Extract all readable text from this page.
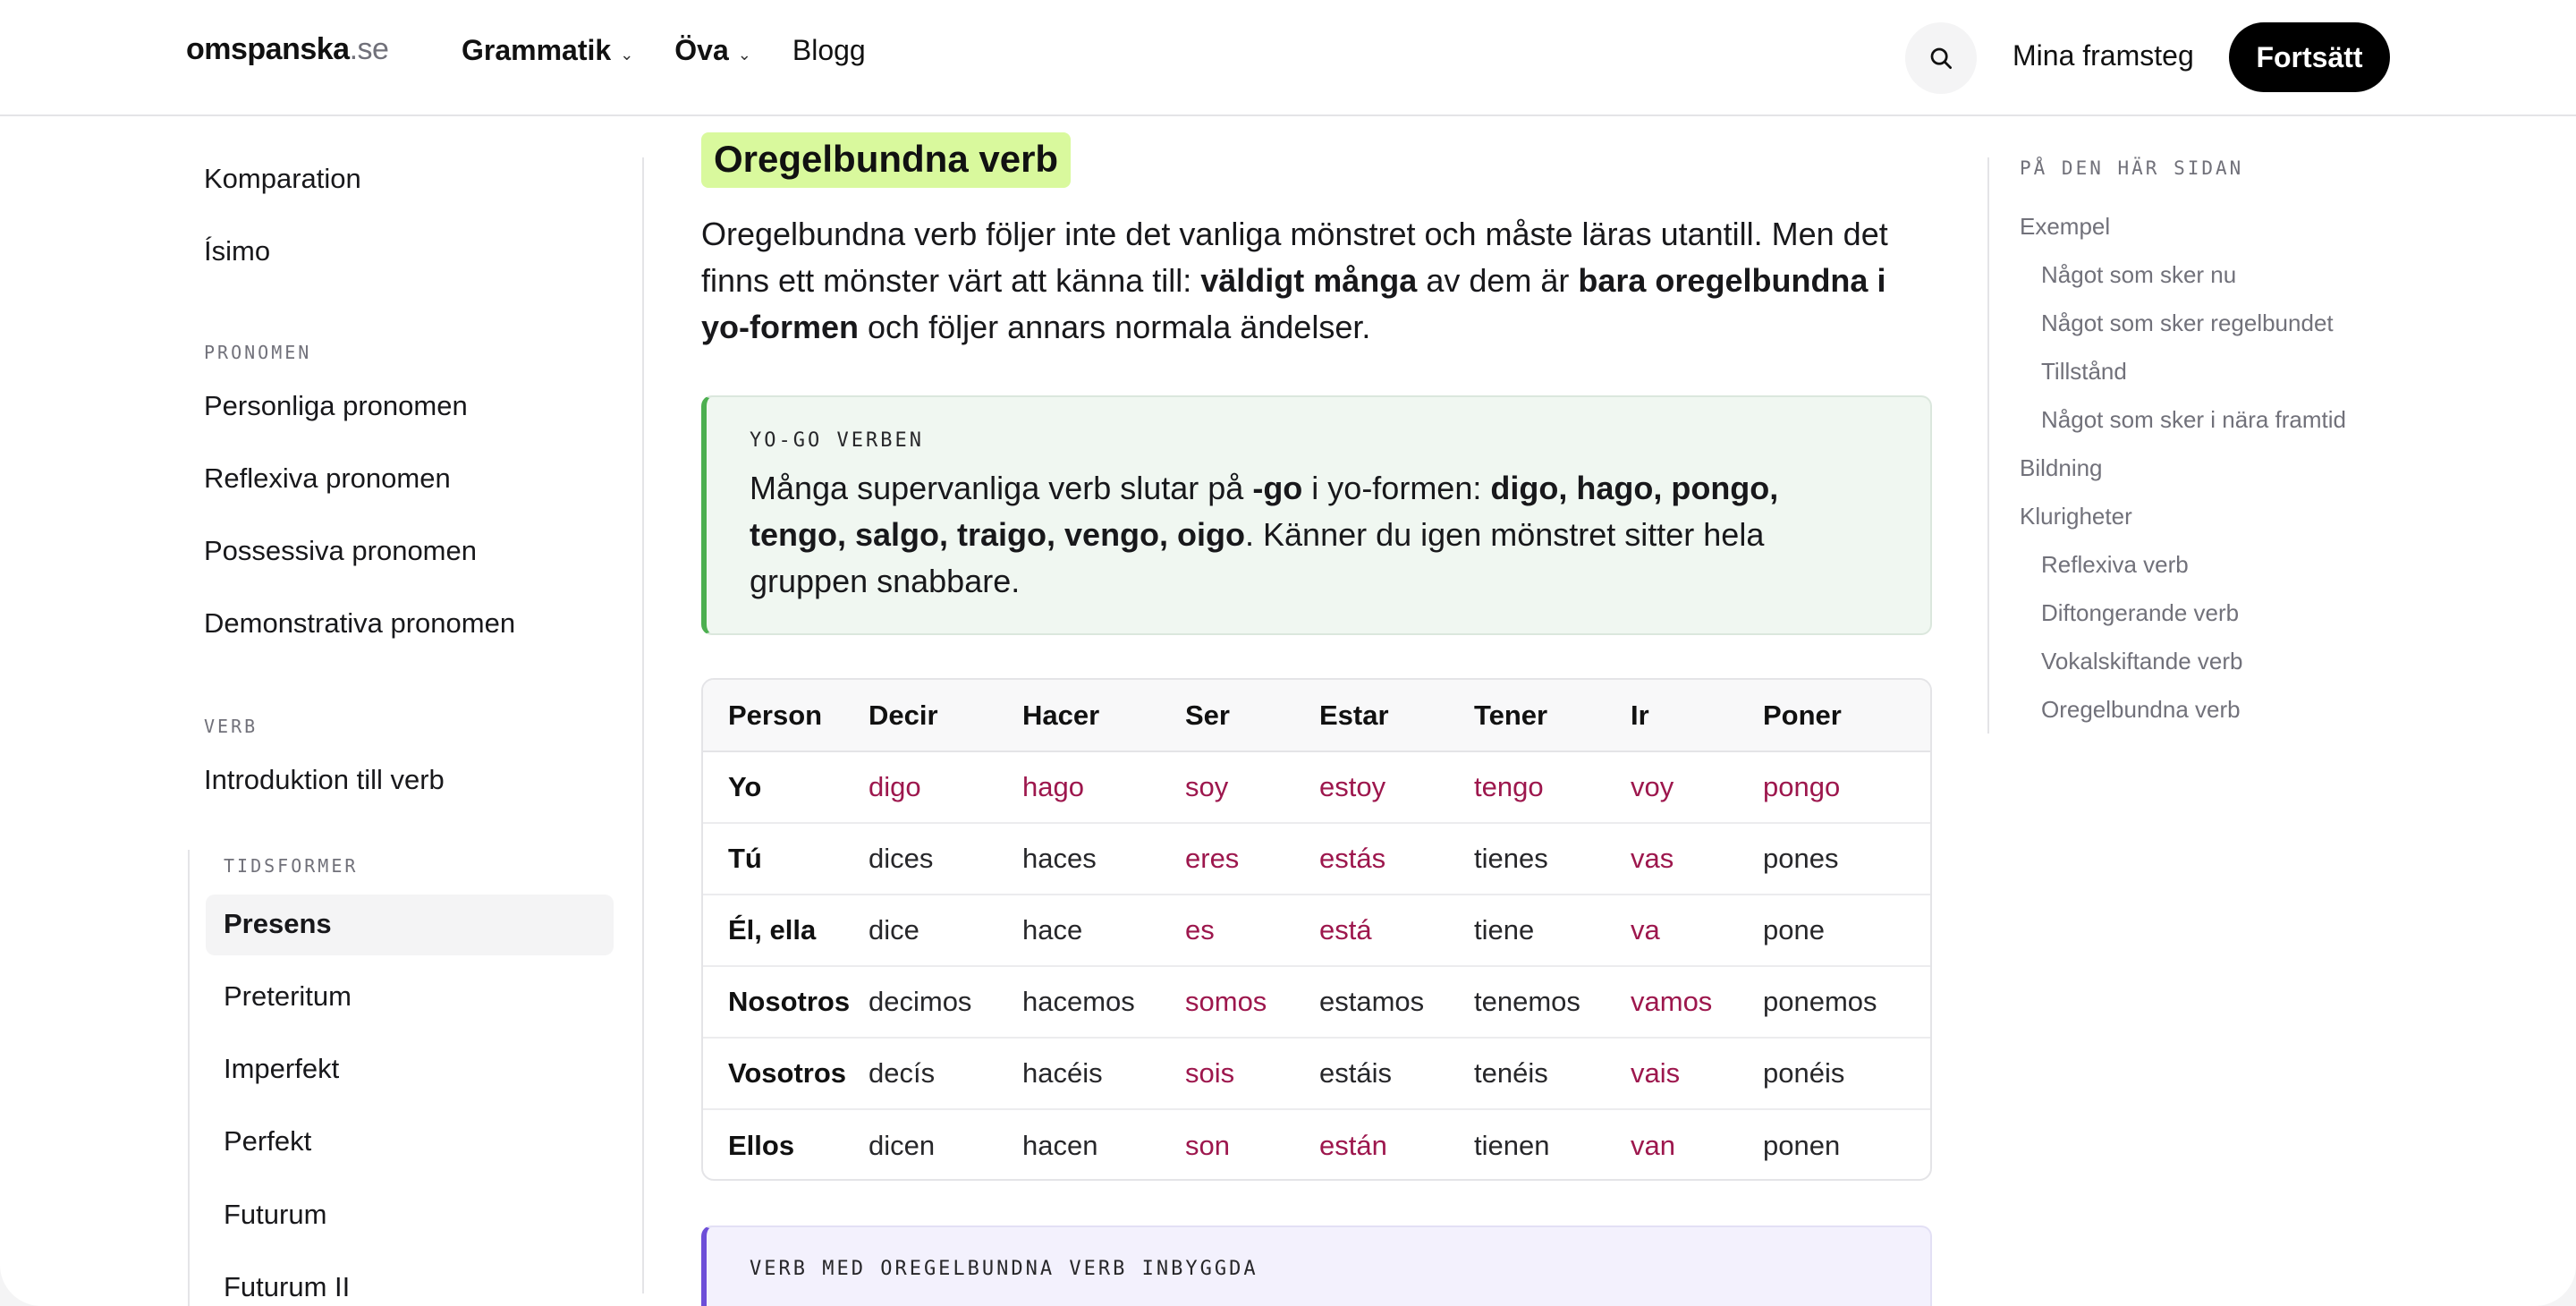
omspanska.se	Grammatik ⌄ Öva ⌄ Blogg	Mina framsteg	Fortsätt
Komparation
Ísimo
PRONOMEN
Personliga pronomen
Reflexiva pronomen
Possessiva pronomen
Demonstrativa pronomen
VERB
Introduktion till verb
TIDSFORMER
Presens
Preteritum
Imperfekt
Perfekt
Futurum
Futurum II
Oregelbundna verb

Oregelbundna verb följer inte det vanliga mönstret och måste läras utantill. Men det finns ett mönster värt att känna till: väldigt många av dem är bara oregelbundna i yo-formen och följer annars normala ändelser.

YO-GO VERBEN

Många supervanliga verb slutar på -go i yo-formen: digo, hago, pongo, tengo, salgo, traigo, vengo, oigo. Känner du igen mönstret sitter hela gruppen snabbare.

Person	Decir	Hacer	Ser	Estar	Tener	Ir	Poner
Yo	digo	hago	soy	estoy	tengo	voy	pongo
Tú	dices	haces	eres	estás	tienes	vas	pones
Él, ella	dice	hace	es	está	tiene	va	pone
Nosotros	decimos	hacemos	somos	estamos	tenemos	vamos	ponemos
Vosotros	decís	hacéis	sois	estáis	tenéis	vais	ponéis
Ellos	dicen	hacen	son	están	tienen	van	ponen
VERB MED OREGELBUNDNA VERB INBYGGDA
PÅ DEN HÄR SIDAN
Exempel
Något som sker nu
Något som sker regelbundet
Tillstånd
Något som sker i nära framtid
Bildning
Klurigheter
Reflexiva verb
Diftongerande verb
Vokalskiftande verb
Oregelbundna verb
